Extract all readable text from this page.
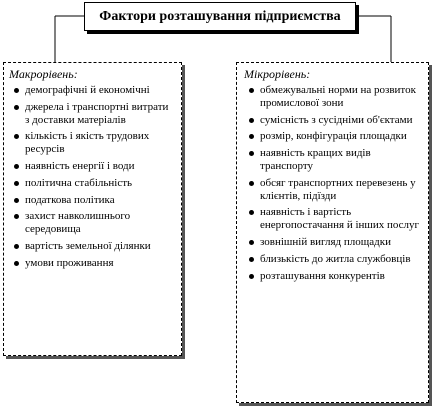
Фактори розташування підприємства
Макрорівень:
демографічні й економічні
джерела і транспортні витрати з доставки матеріалів
кількість і якість трудових ресурсів
наявність енергії і води
політична стабільність
податкова політика
захист навколишнього середовища
вартість земельної ділянки
умови проживання
Мікрорівень:
обмежувальні норми на розвиток промислової зони
сумісність з сусідніми об'єктами
розмір, конфігурація площадки
наявність кращих видів транспорту
обсяг транспортних перевезень у клієнтів, підїзди
наявність і вартість енергопостачання й інших послуг
зовнішній вигляд площадки
близькість до житла службовців
розташування конкурентів
